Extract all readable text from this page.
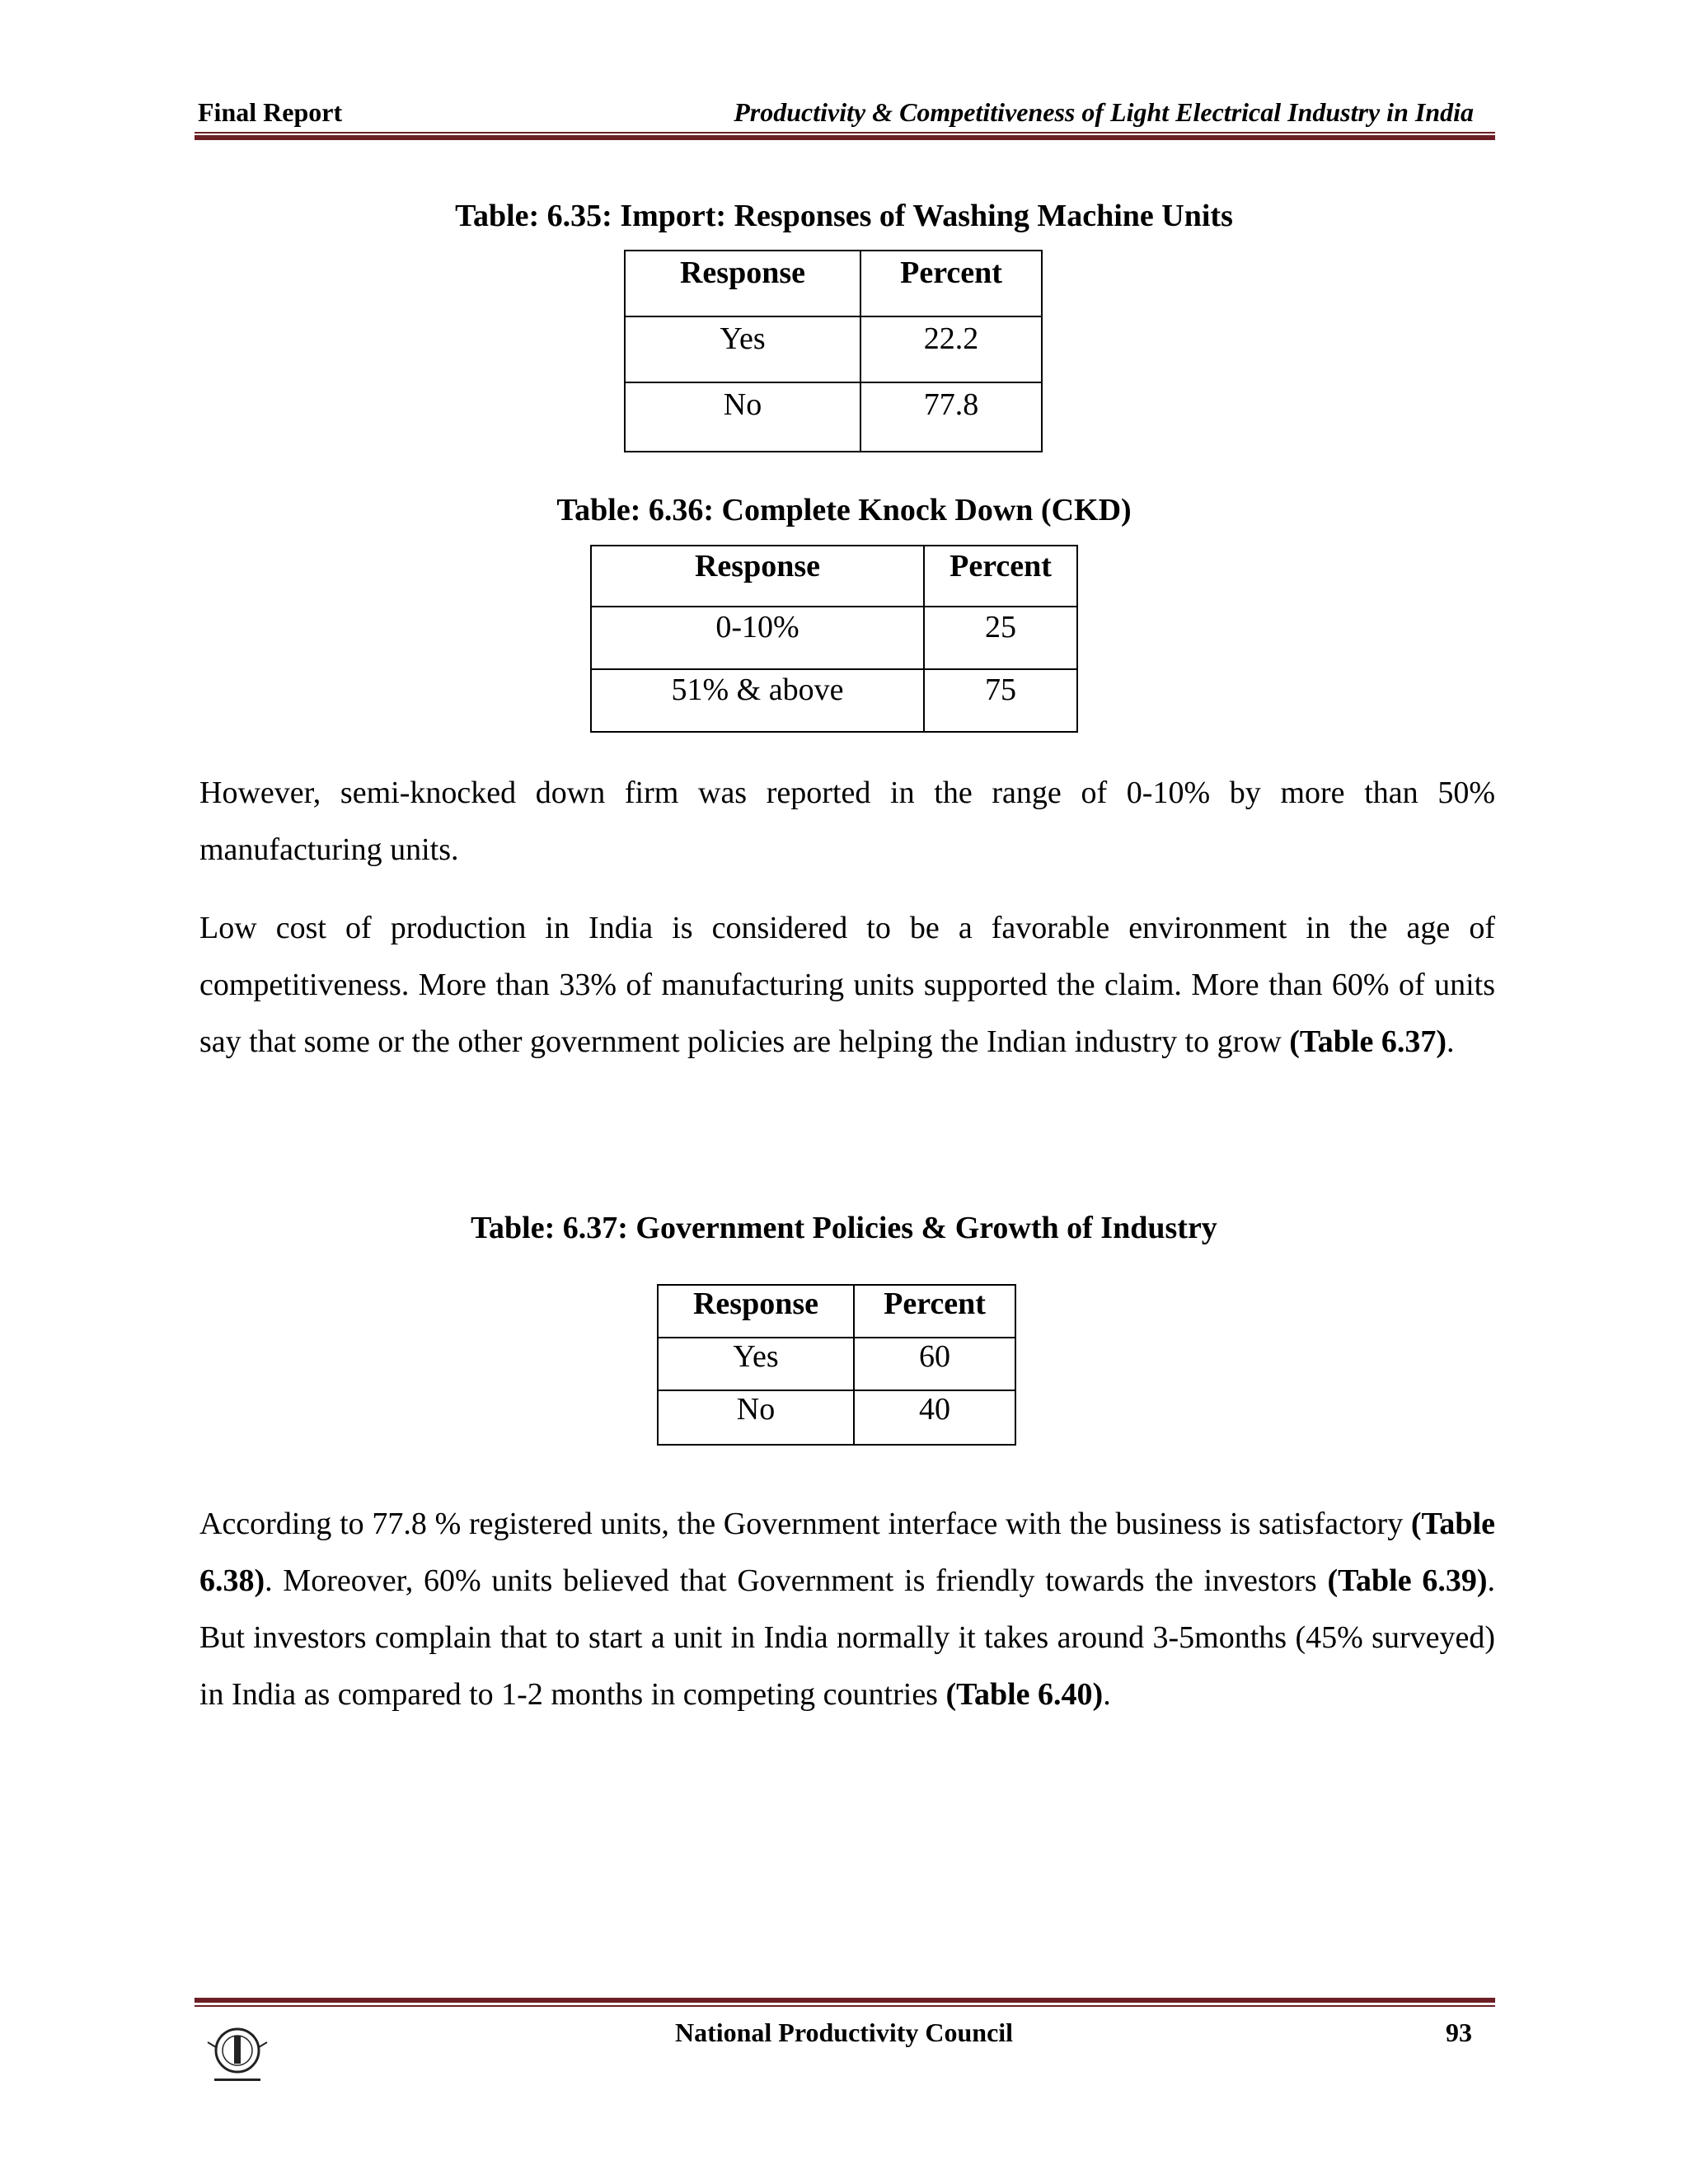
Final Report	Productivity & Competitiveness of Light Electrical Industry in India
Table: 6.35: Import: Responses of Washing Machine Units
Response	Percent
Yes	22.2
No	77.8
Table: 6.36: Complete Knock Down (CKD)
Response	Percent
0-10%	25
51% & above	75
However, semi-knocked down firm was reported in the range of 0-10% by more than 50% manufacturing units.
Low cost of production in India is considered to be a favorable environment in the age of competitiveness. More than 33% of manufacturing units supported the claim. More than 60% of units say that some or the other government policies are helping the Indian industry to grow (Table 6.37).
Table: 6.37: Government Policies & Growth of Industry
Response	Percent
Yes	60
No	40
According to 77.8 % registered units, the Government interface with the business is satisfactory (Table 6.38). Moreover, 60% units believed that Government is friendly towards the investors (Table 6.39). But investors complain that to start a unit in India normally it takes around 3-5months (45% surveyed) in India as compared to 1-2 months in competing countries (Table 6.40).
National Productivity Council	93
